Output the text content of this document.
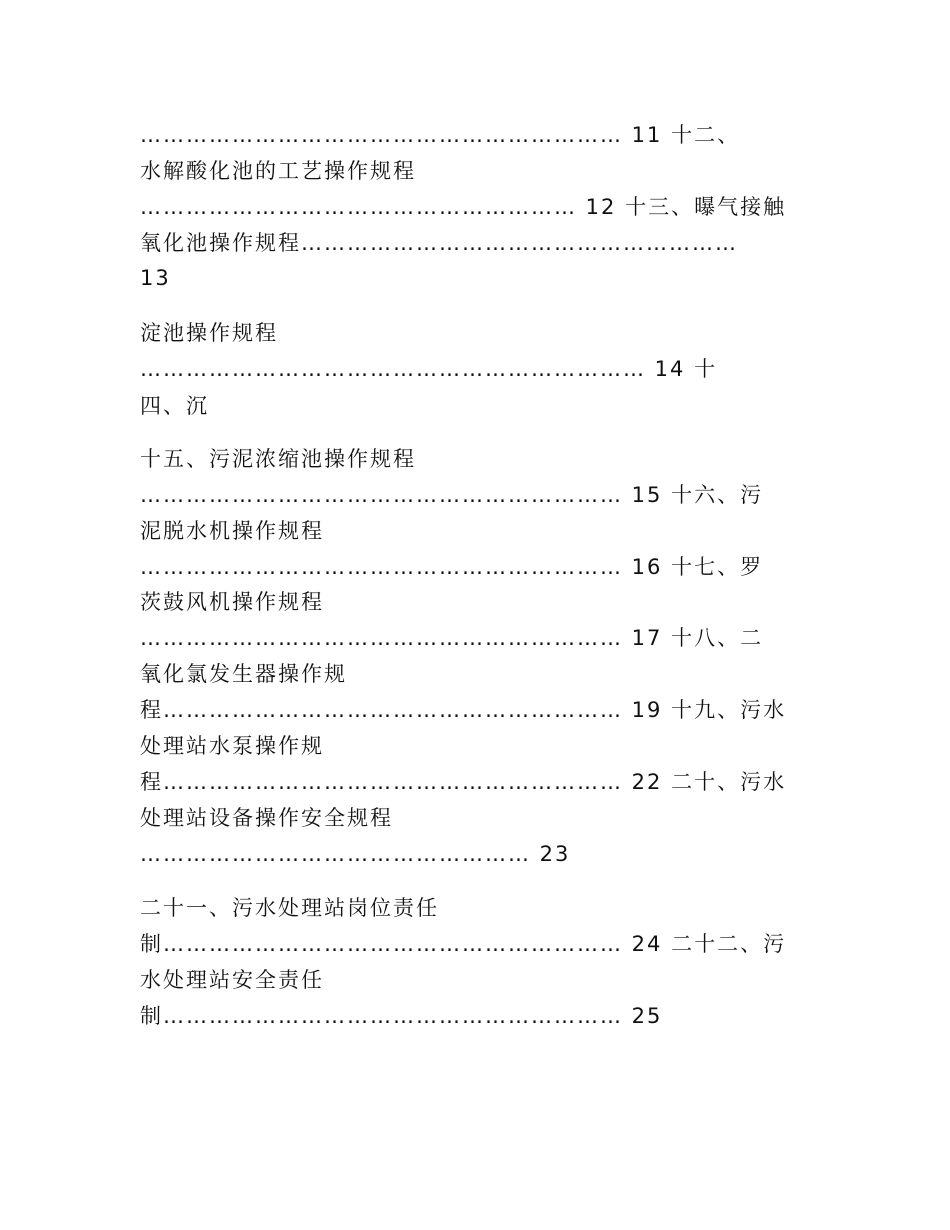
……………………………………………………… 11 十二、
水解酸化池的工艺操作规程
………………………………………………… 12 十三、曝气接触
氧化池操作规程…………………………………………………
13
淀池操作规程
………………………………………………………… 14 十
四、沉
十五、污泥浓缩池操作规程
……………………………………………………… 15 十六、污
泥脱水机操作规程
……………………………………………………… 16 十七、罗
茨鼓风机操作规程
……………………………………………………… 17 十八、二
氧化氯发生器操作规
程…………………………………………………… 19 十九、污水
处理站水泵操作规
程…………………………………………………… 22 二十、污水
处理站设备操作安全规程
…………………………………………… 23
二十一、污水处理站岗位责任
制…………………………………………………… 24 二十二、污
水处理站安全责任
制…………………………………………………… 25
